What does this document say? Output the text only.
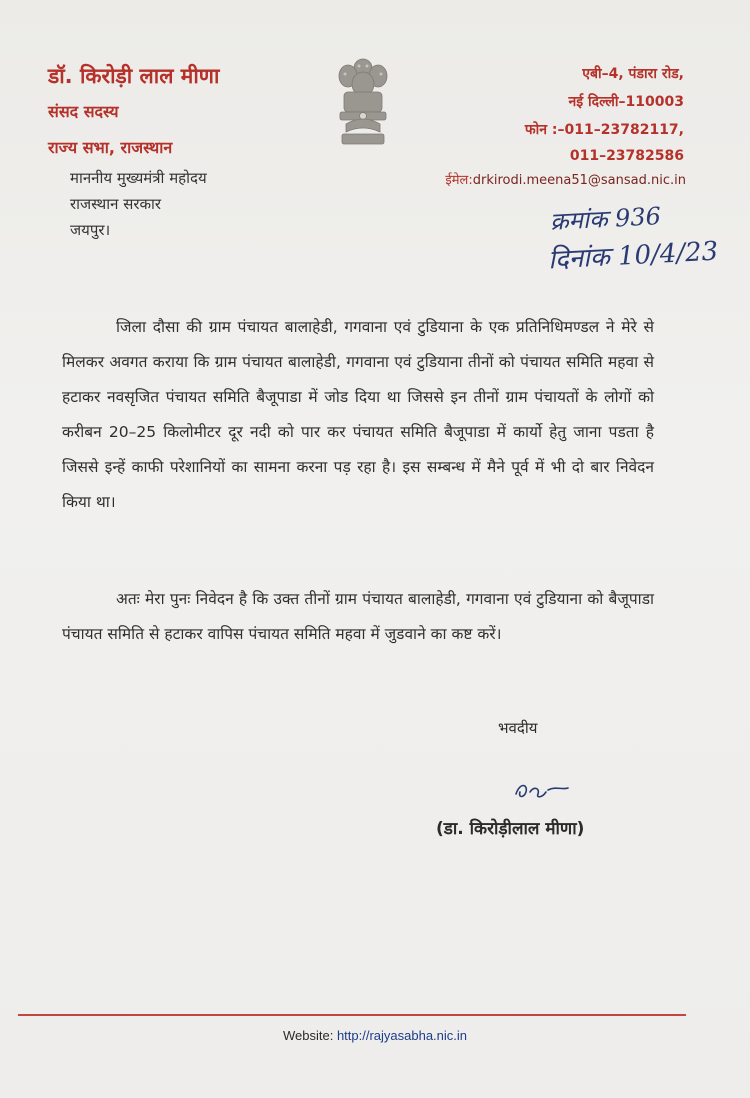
डॉ. किरोड़ी लाल मीणा
संसद सदस्य
राज्य सभा, राजस्थान
एबी–4, पंडारा रोड,
नई दिल्ली–110003
फोन :–011–23782117,
011–23782586
ईमेल:drkirodi.meena51@sansad.nic.in
क्रमांक 936
दिनांक 10/4/23
माननीय मुख्यमंत्री महोदय
राजस्थान सरकार
जयपुर।
जिला दौसा की ग्राम पंचायत बालाहेडी, गगवाना एवं टुडियाना के एक प्रतिनिधिमण्डल ने मेरे से मिलकर अवगत कराया कि ग्राम पंचायत बालाहेडी, गगवाना एवं टुडियाना तीनों को पंचायत समिति महवा से हटाकर नवसृजित पंचायत समिति बैजूपाडा में जोड दिया था जिससे इन तीनों ग्राम पंचायतों के लोगों को करीबन 20–25 किलोमीटर दूर नदी को पार कर पंचायत समिति बैजूपाडा में कार्यो हेतु जाना पडता है जिससे इन्हें काफी परेशानियों का सामना करना पड़ रहा है। इस सम्बन्ध में मैने पूर्व में भी दो बार निवेदन किया था।
अतः मेरा पुनः निवेदन है कि उक्त तीनों ग्राम पंचायत बालाहेडी, गगवाना एवं टुडियाना को बैजूपाडा पंचायत समिति से हटाकर वापिस पंचायत समिति महवा में जुडवाने का कष्ट करें।
भवदीय
(डा. किरोड़ीलाल मीणा)
Website: http://rajyasabha.nic.in
